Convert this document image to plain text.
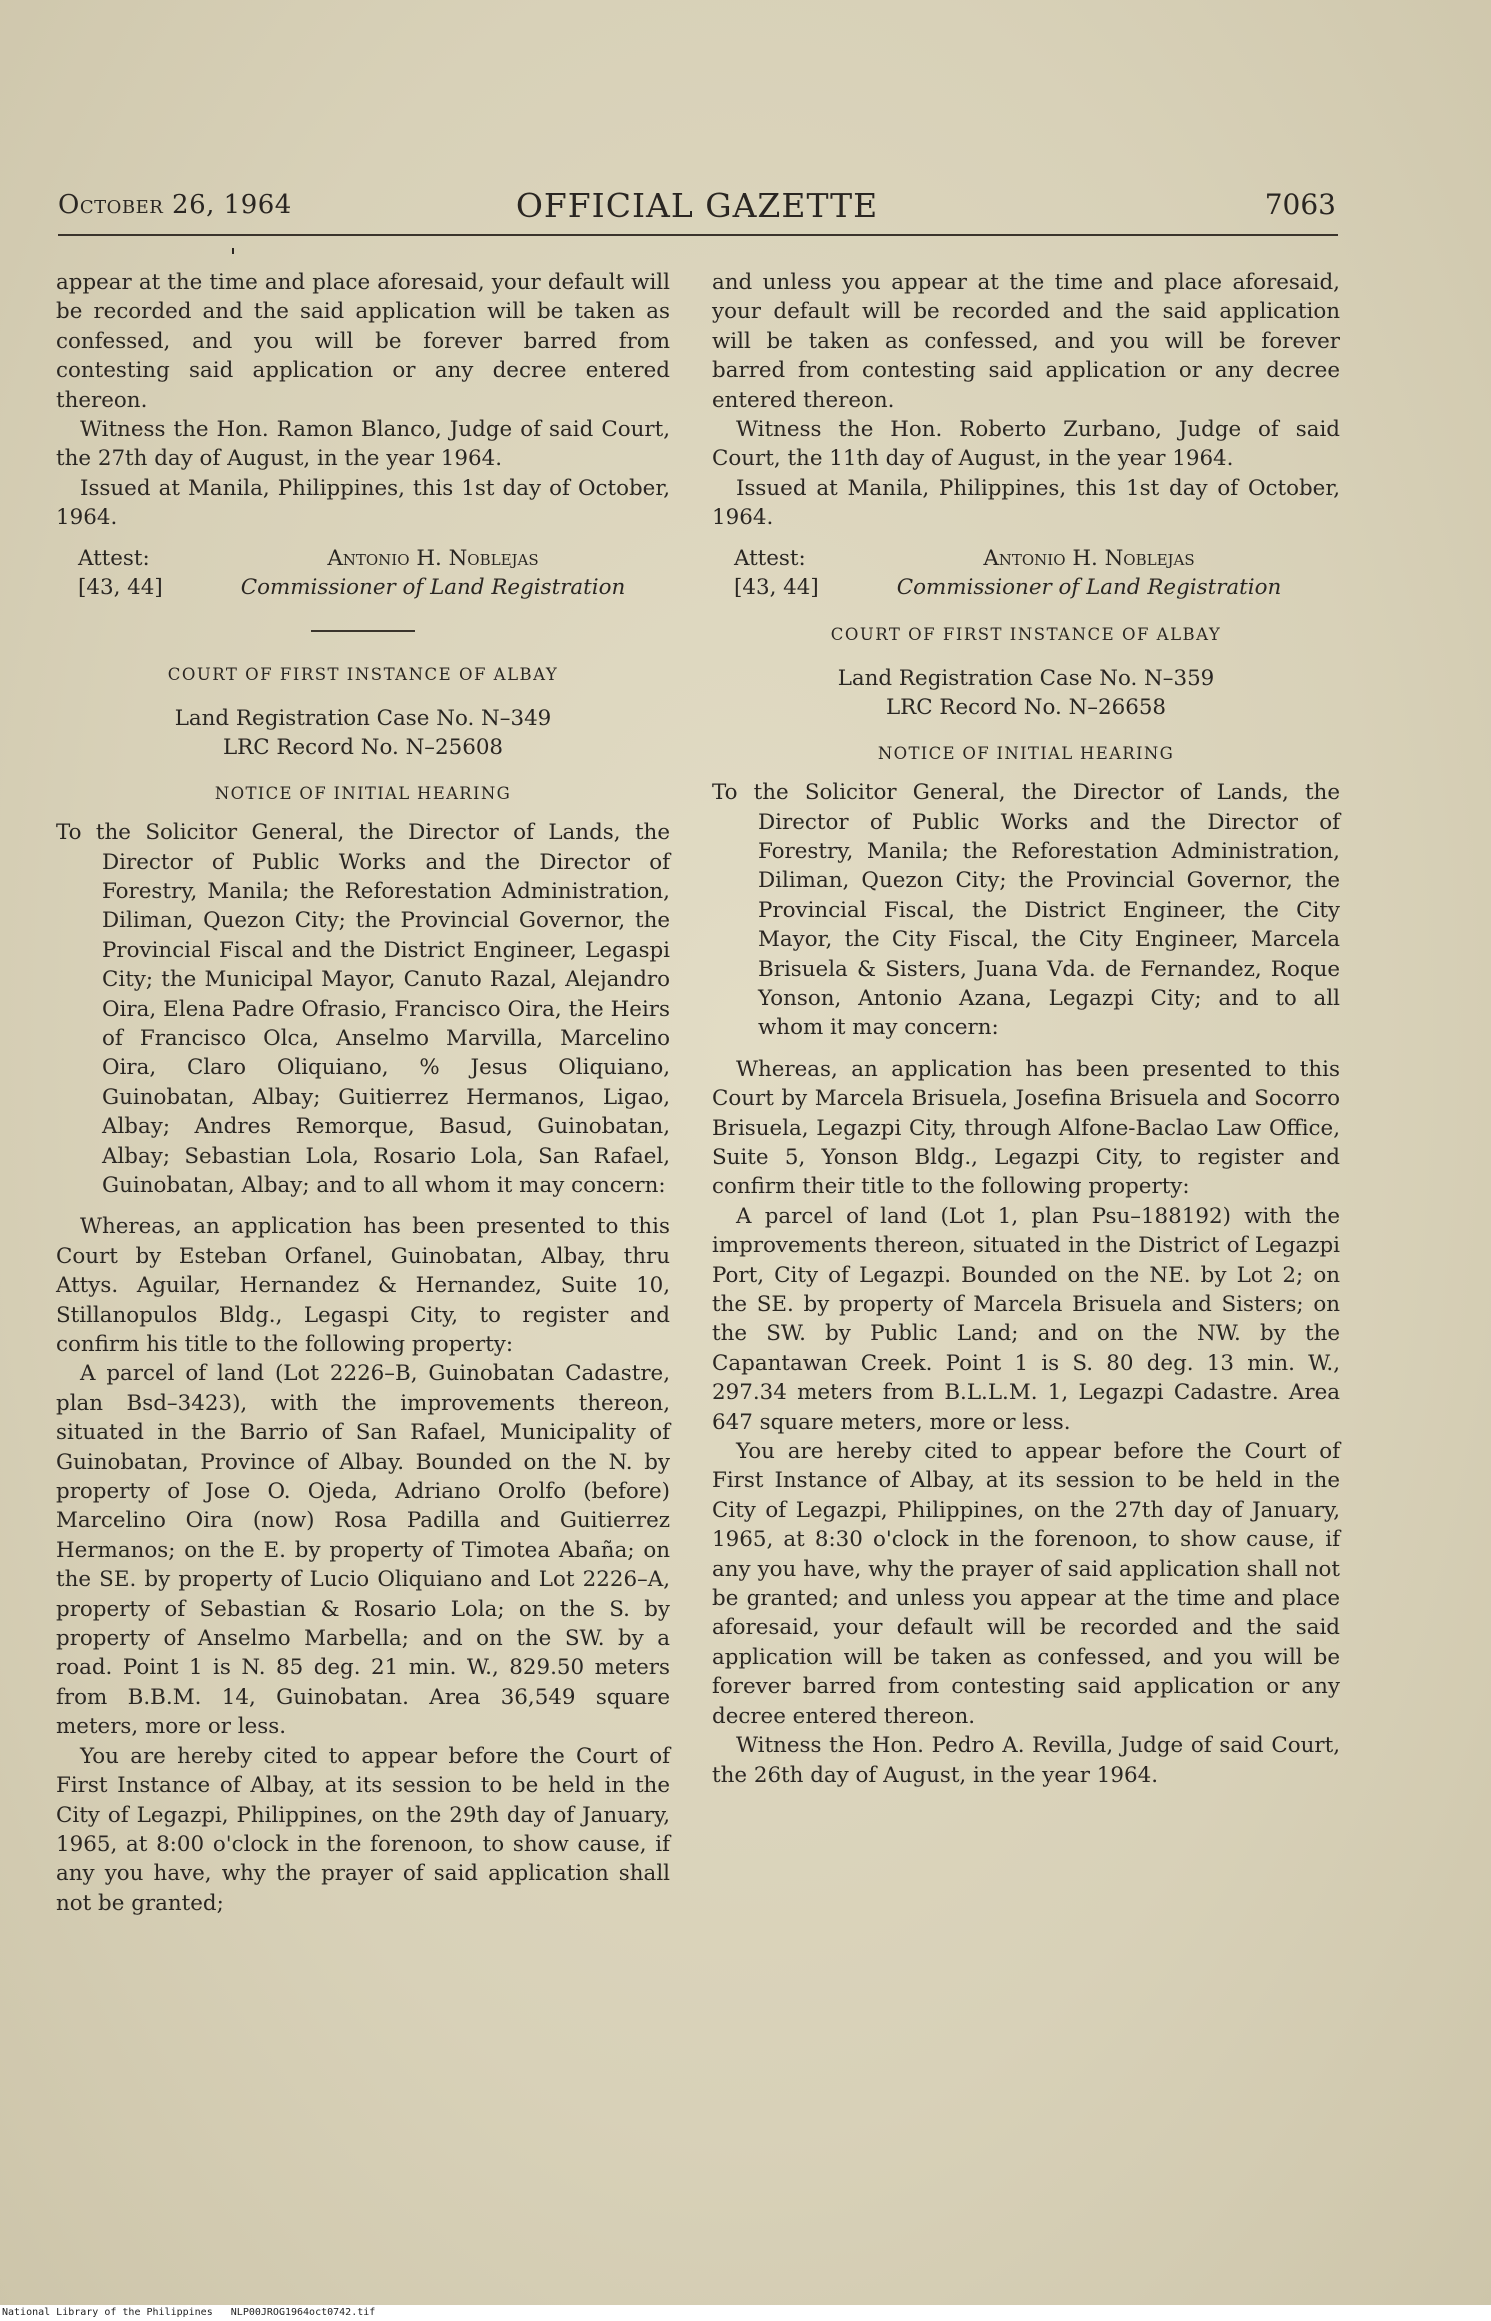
October 26, 1964	OFFICIAL GAZETTE	7063

appear at the time and place aforesaid, your default will be recorded and the said application will be taken as confessed, and you will be forever barred from contesting said application or any decree entered thereon.

Witness the Hon. Ramon Blanco, Judge of said Court, the 27th day of August, in the year 1964.

Issued at Manila, Philippines, this 1st day of October, 1964.

Attest:
[43, 44]
Antonio H. Noblejas
Commissioner of Land Registration
COURT OF FIRST INSTANCE OF ALBAY
Land Registration Case No. N–349
LRC Record No. N–25608
NOTICE OF INITIAL HEARING

To the Solicitor General, the Director of Lands, the Director of Public Works and the Director of Forestry, Manila; the Reforestation Administration, Diliman, Quezon City; the Provincial Governor, the Provincial Fiscal and the District Engineer, Legaspi City; the Municipal Mayor, Canuto Razal, Alejandro Oira, Elena Padre Ofrasio, Francisco Oira, the Heirs of Francisco Olca, Anselmo Marvilla, Marcelino Oira, Claro Oliquiano, % Jesus Oliquiano, Guinobatan, Albay; Guitierrez Hermanos, Ligao, Albay; Andres Remorque, Basud, Guinobatan, Albay; Sebastian Lola, Rosario Lola, San Rafael, Guinobatan, Albay; and to all whom it may concern:

Whereas, an application has been presented to this Court by Esteban Orfanel, Guinobatan, Albay, thru Attys. Aguilar, Hernandez & Hernandez, Suite 10, Stillanopulos Bldg., Legaspi City, to register and confirm his title to the following property:

A parcel of land (Lot 2226–B, Guinobatan Cadastre, plan Bsd–3423), with the improvements thereon, situated in the Barrio of San Rafael, Municipality of Guinobatan, Province of Albay. Bounded on the N. by property of Jose O. Ojeda, Adriano Orolfo (before) Marcelino Oira (now) Rosa Padilla and Guitierrez Hermanos; on the E. by property of Timotea Abaña; on the SE. by property of Lucio Oliquiano and Lot 2226–A, property of Sebastian & Rosario Lola; on the S. by property of Anselmo Marbella; and on the SW. by a road. Point 1 is N. 85 deg. 21 min. W., 829.50 meters from B.B.M. 14, Guinobatan. Area 36,549 square meters, more or less.

You are hereby cited to appear before the Court of First Instance of Albay, at its session to be held in the City of Legazpi, Philippines, on the 29th day of January, 1965, at 8:00 o'clock in the forenoon, to show cause, if any you have, why the prayer of said application shall not be granted;

and unless you appear at the time and place aforesaid, your default will be recorded and the said application will be taken as confessed, and you will be forever barred from contesting said application or any decree entered thereon.

Witness the Hon. Roberto Zurbano, Judge of said Court, the 11th day of August, in the year 1964.

Issued at Manila, Philippines, this 1st day of October, 1964.

Attest:
[43, 44]
Antonio H. Noblejas
Commissioner of Land Registration
COURT OF FIRST INSTANCE OF ALBAY
Land Registration Case No. N–359
LRC Record No. N–26658
NOTICE OF INITIAL HEARING

To the Solicitor General, the Director of Lands, the Director of Public Works and the Director of Forestry, Manila; the Reforestation Administration, Diliman, Quezon City; the Provincial Governor, the Provincial Fiscal, the District Engineer, the City Mayor, the City Fiscal, the City Engineer, Marcela Brisuela & Sisters, Juana Vda. de Fernandez, Roque Yonson, Antonio Azana, Legazpi City; and to all whom it may concern:

Whereas, an application has been presented to this Court by Marcela Brisuela, Josefina Brisuela and Socorro Brisuela, Legazpi City, through Alfone-Baclao Law Office, Suite 5, Yonson Bldg., Legazpi City, to register and confirm their title to the following property:

A parcel of land (Lot 1, plan Psu–188192) with the improvements thereon, situated in the District of Legazpi Port, City of Legazpi. Bounded on the NE. by Lot 2; on the SE. by property of Marcela Brisuela and Sisters; on the SW. by Public Land; and on the NW. by the Capantawan Creek. Point 1 is S. 80 deg. 13 min. W., 297.34 meters from B.L.L.M. 1, Legazpi Cadastre. Area 647 square meters, more or less.

You are hereby cited to appear before the Court of First Instance of Albay, at its session to be held in the City of Legazpi, Philippines, on the 27th day of January, 1965, at 8:30 o'clock in the forenoon, to show cause, if any you have, why the prayer of said application shall not be granted; and unless you appear at the time and place aforesaid, your default will be recorded and the said application will be taken as confessed, and you will be forever barred from contesting said application or any decree entered thereon.

Witness the Hon. Pedro A. Revilla, Judge of said Court, the 26th day of August, in the year 1964.

National Library of the Philippines NLP00JROG1964oct0742.tif
